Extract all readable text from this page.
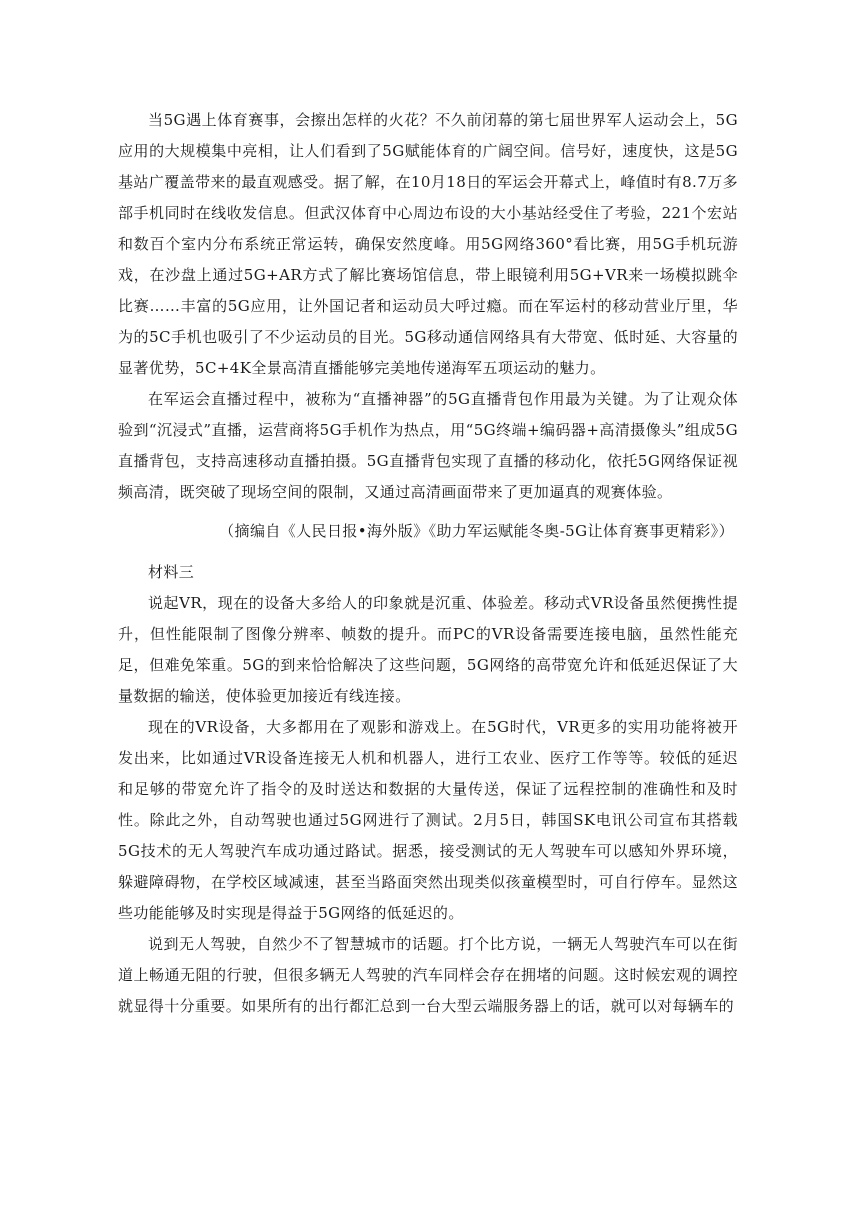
当5G遇上体育赛事，会擦出怎样的火花？不久前闭幕的第七届世界军人运动会上，5G应用的大规模集中亮相，让人们看到了5G赋能体育的广阔空间。信号好，速度快，这是5G基站广覆盖带来的最直观感受。据了解，在10月18日的军运会开幕式上，峰值时有8.7万多部手机同时在线收发信息。但武汉体育中心周边布设的大小基站经受住了考验，221个宏站和数百个室内分布系统正常运转，确保安然度峰。用5G网络360°看比赛，用5G手机玩游戏，在沙盘上通过5G+AR方式了解比赛场馆信息，带上眼镜利用5G+VR来一场模拟跳伞比赛……丰富的5G应用，让外国记者和运动员大呼过瘾。而在军运村的移动营业厅里，华为的5C手机也吸引了不少运动员的目光。5G移动通信网络具有大带宽、低时延、大容量的显著优势，5C+4K全景高清直播能够完美地传递海军五项运动的魅力。

在军运会直播过程中，被称为“直播神器”的5G直播背包作用最为关键。为了让观众体验到“沉浸式”直播，运营商将5G手机作为热点，用“5G终端+编码器+高清摄像头”组成5G直播背包，支持高速移动直播拍摄。5G直播背包实现了直播的移动化，依托5G网络保证视频高清，既突破了现场空间的限制，又通过高清画面带来了更加逼真的观赛体验。

（摘编自《人民日报•海外版》《助力军运赋能冬奥-5G让体育赛事更精彩》）

材料三

说起VR，现在的设备大多给人的印象就是沉重、体验差。移动式VR设备虽然便携性提升，但性能限制了图像分辨率、帧数的提升。而PC的VR设备需要连接电脑，虽然性能充足，但难免笨重。5G的到来恰恰解决了这些问题，5G网络的高带宽允许和低延迟保证了大量数据的输送，使体验更加接近有线连接。

现在的VR设备，大多都用在了观影和游戏上。在5G时代，VR更多的实用功能将被开发出来，比如通过VR设备连接无人机和机器人，进行工农业、医疗工作等等。较低的延迟和足够的带宽允许了指令的及时送达和数据的大量传送，保证了远程控制的准确性和及时性。除此之外，自动驾驶也通过5G网进行了测试。2月5日，韩国SK电讯公司宣布其搭载5G技术的无人驾驶汽车成功通过路试。据悉，接受测试的无人驾驶车可以感知外界环境，躲避障碍物，在学校区域减速，甚至当路面突然出现类似孩童模型时，可自行停车。显然这些功能能够及时实现是得益于5G网络的低延迟的。

说到无人驾驶，自然少不了智慧城市的话题。打个比方说，一辆无人驾驶汽车可以在街道上畅通无阻的行驶，但很多辆无人驾驶的汽车同样会存在拥堵的问题。这时候宏观的调控就显得十分重要。如果所有的出行都汇总到一台大型云端服务器上的话，就可以对每辆车的
